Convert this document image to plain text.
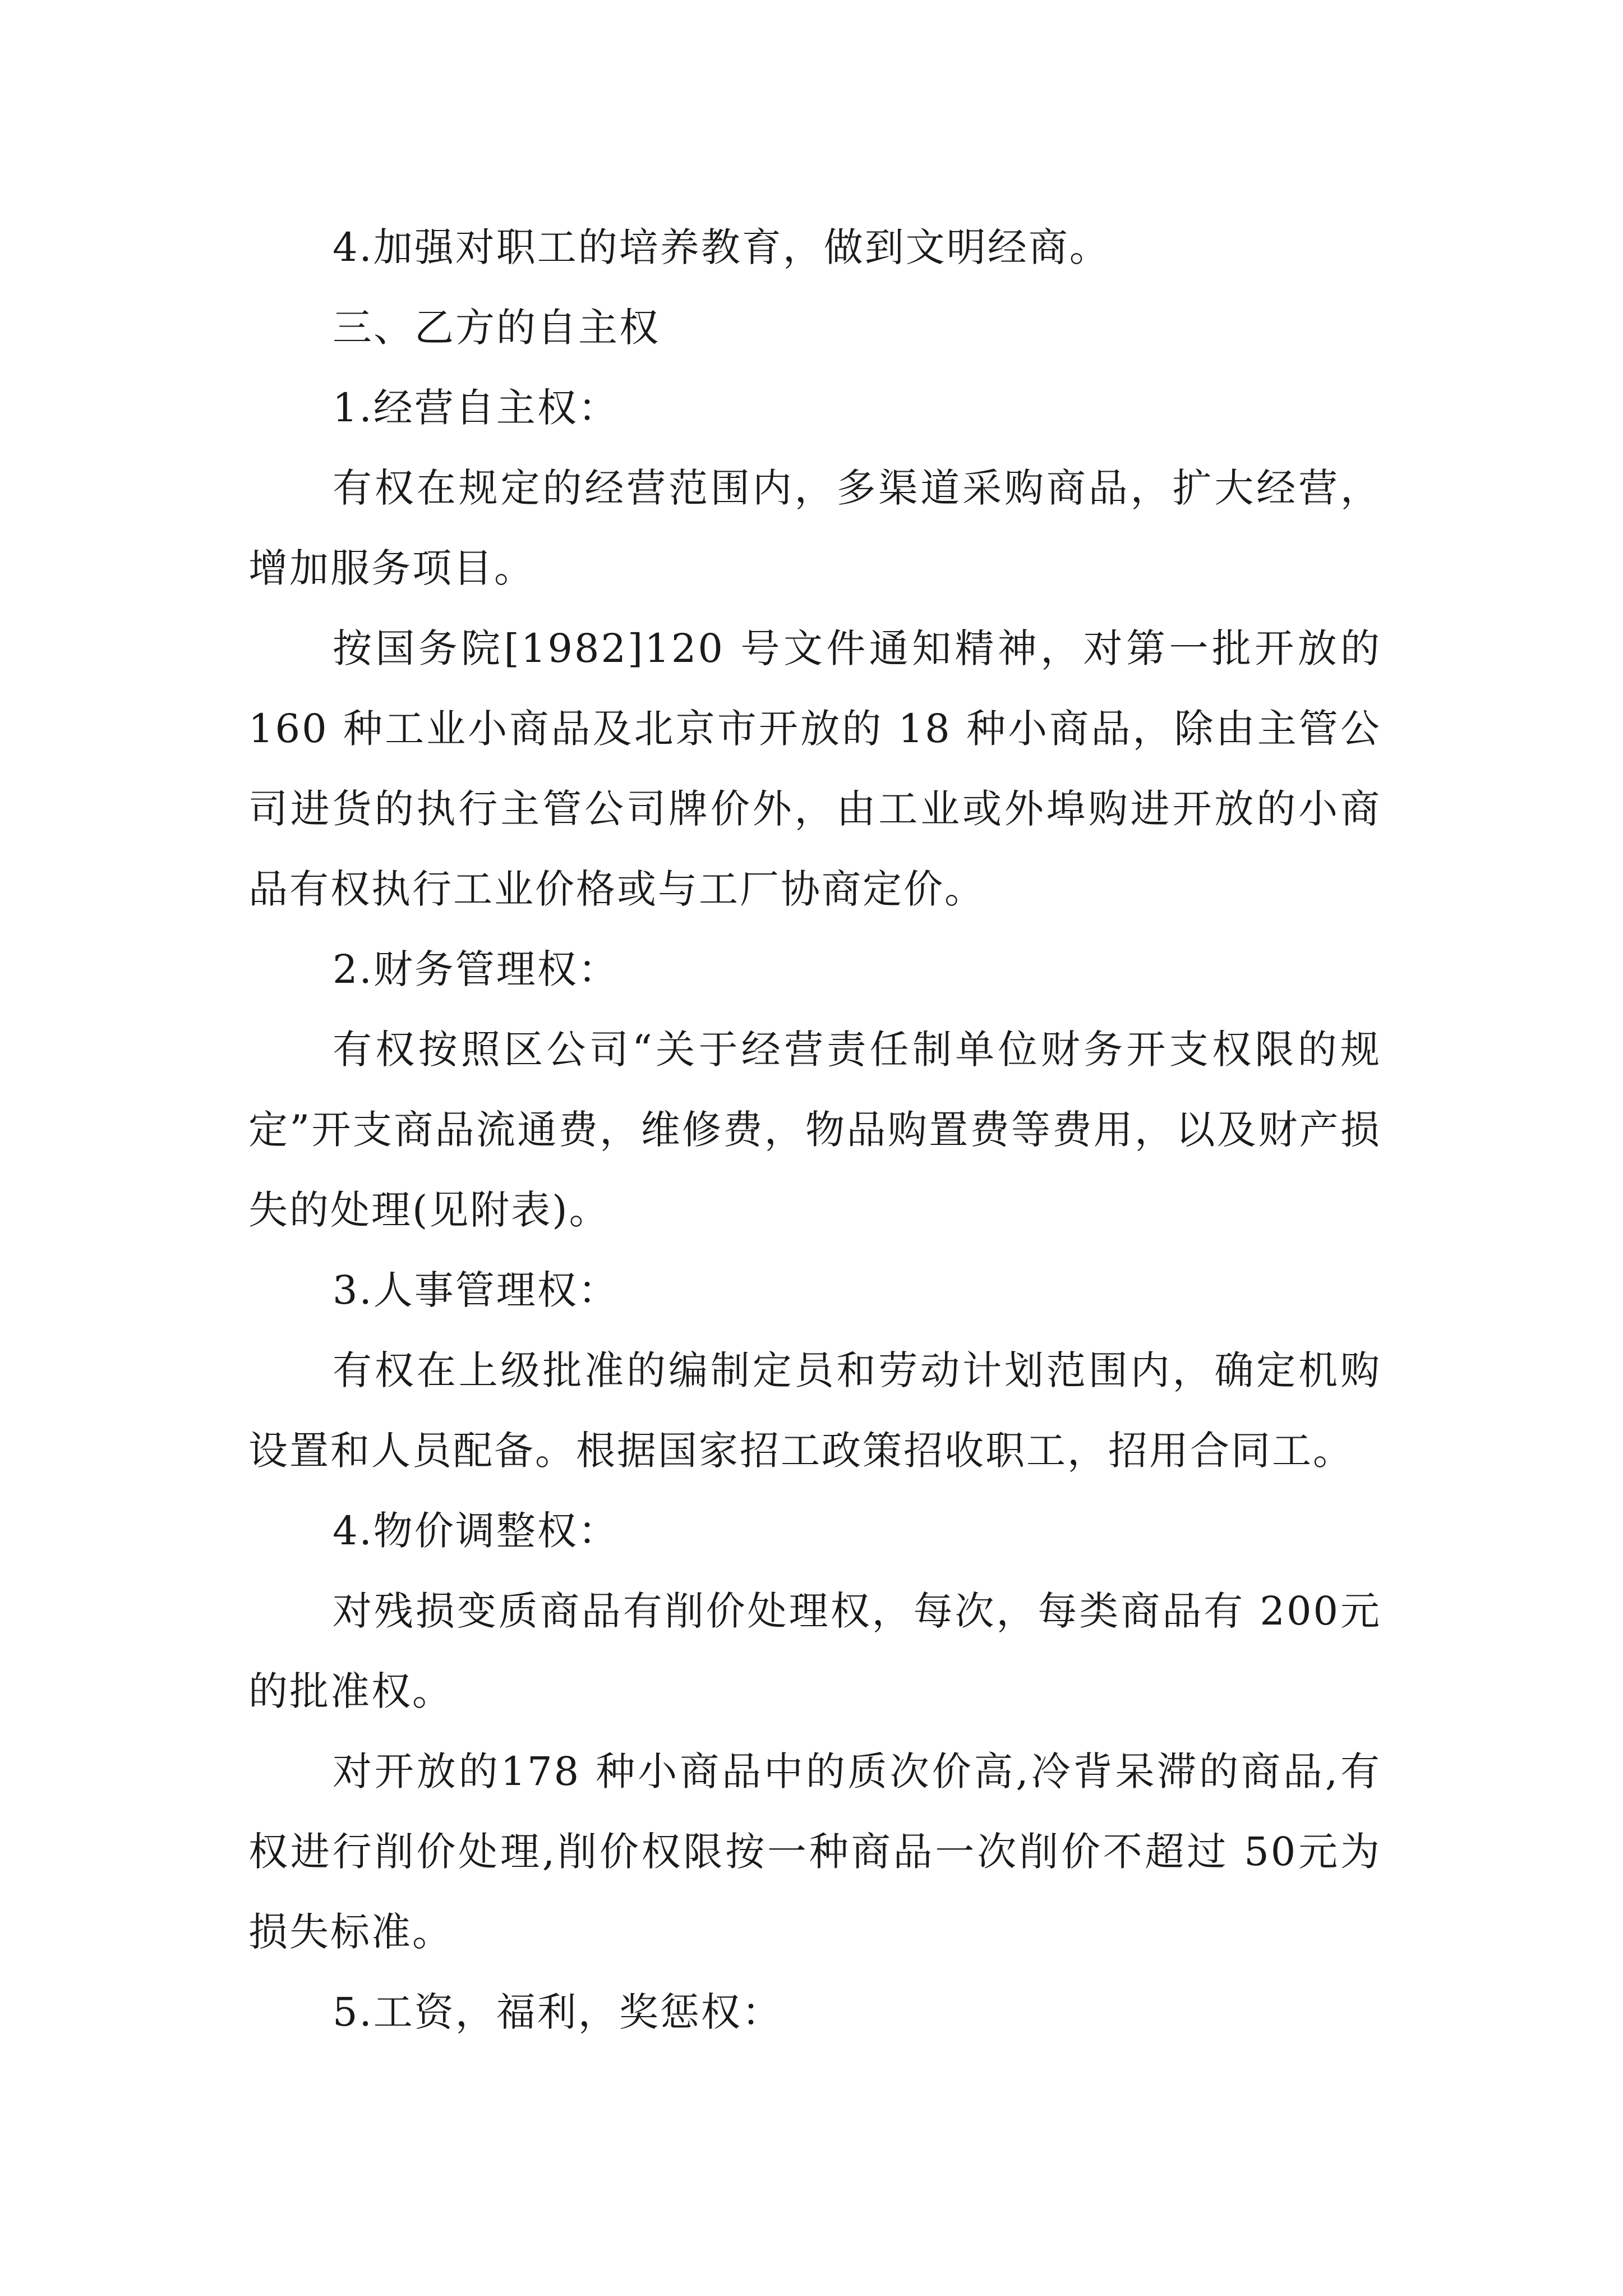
4.加强对职工的培养教育，做到文明经商。

三、乙方的自主权

1.经营自主权：

有权在规定的经营范围内，多渠道采购商品，扩大经营，增加服务项目。

按国务院[1982]120 号文件通知精神，对第一批开放的160 种工业小商品及北京市开放的 18 种小商品，除由主管公司进货的执行主管公司牌价外，由工业或外埠购进开放的小商品有权执行工业价格或与工厂协商定价。

2.财务管理权：

有权按照区公司“关于经营责任制单位财务开支权限的规定”开支商品流通费，维修费，物品购置费等费用，以及财产损失的处理(见附表)。

3.人事管理权：

有权在上级批准的编制定员和劳动计划范围内，确定机购设置和人员配备。根据国家招工政策招收职工，招用合同工。

4.物价调整权：

对残损变质商品有削价处理权，每次，每类商品有 200元的批准权。

对开放的178 种小商品中的质次价高,冷背呆滞的商品,有权进行削价处理,削价权限按一种商品一次削价不超过 50元为损失标准。

5.工资，福利，奖惩权：
